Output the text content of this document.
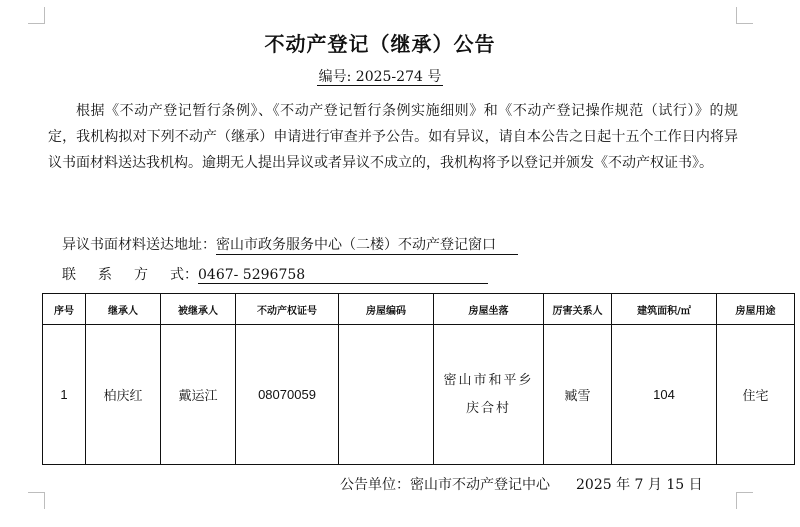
不动产登记（继承）公告
编号: 2025-274 号

根据《不动产登记暂行条例》、《不动产登记暂行条例实施细则》和《不动产登记操作规范（试行）》的规定，我机构拟对下列不动产（继承）申请进行审查并予公告。如有异议，请自本公告之日起十五个工作日内将异议书面材料送达我机构。逾期无人提出异议或者异议不成立的，我机构将予以登记并颁发《不动产权证书》。

异议书面材料送达地址：密山市政务服务中心（二楼）不动产登记窗口
联系方式：0467- 5296758
序号	继承人	被继承人	不动产权证号	房屋编码	房屋坐落	厉害关系人	建筑面积/㎡	房屋用途
1	柏庆红	戴运江	08070059		密山市和平乡庆合村	臧雪	104	住宅
公告单位：密山市不动产登记中心 2025 年 7 月 15 日
